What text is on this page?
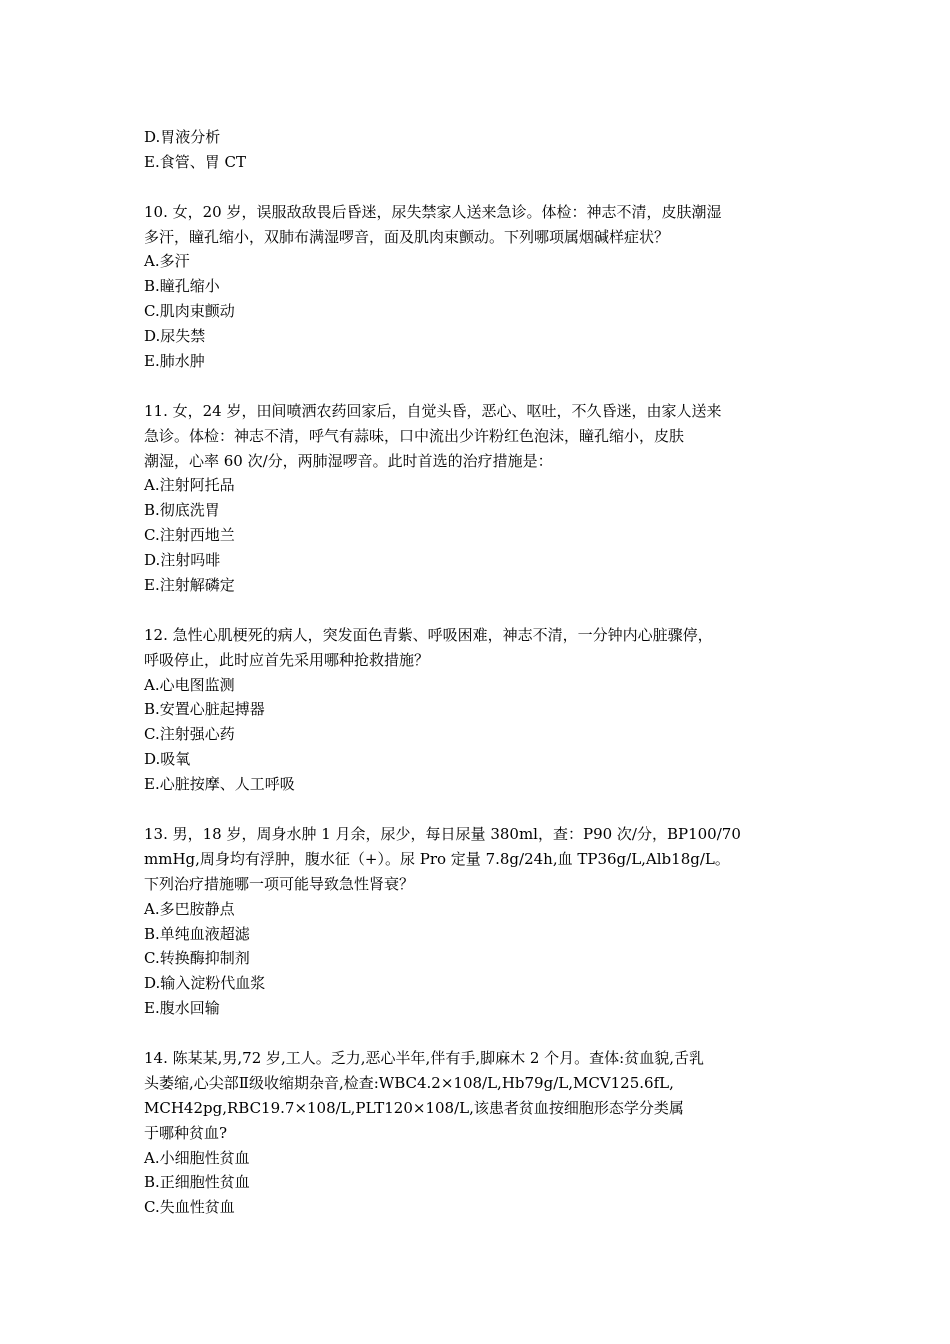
D.胃液分析
E.食管、胃 CT
10. 女，20 岁，误服敌敌畏后昏迷，尿失禁家人送来急诊。体检：神志不清，皮肤潮湿
多汗，瞳孔缩小，双肺布满湿啰音，面及肌肉束颤动。下列哪项属烟碱样症状？
A.多汗
B.瞳孔缩小
C.肌肉束颤动
D.尿失禁
E.肺水肿
11. 女，24 岁，田间喷洒农药回家后，自觉头昏，恶心、呕吐，不久昏迷，由家人送来
急诊。体检：神志不清，呼气有蒜味，口中流出少许粉红色泡沫，瞳孔缩小，皮肤
潮湿，心率 60 次/分，两肺湿啰音。此时首选的治疗措施是：
A.注射阿托品
B.彻底洗胃
C.注射西地兰
D.注射吗啡
E.注射解磷定
12. 急性心肌梗死的病人，突发面色青紫、呼吸困难，神志不清，一分钟内心脏骤停，
呼吸停止，此时应首先采用哪种抢救措施？
A.心电图监测
B.安置心脏起搏器
C.注射强心药
D.吸氧
E.心脏按摩、人工呼吸
13. 男，18 岁，周身水肿 1 月余，尿少，每日尿量 380ml，查：P90 次/分，BP100/70
mmHg,周身均有浮肿，腹水征（+）。尿 Pro 定量 7.8g/24h,血 TP36g/L,Alb18g/L。
下列治疗措施哪一项可能导致急性肾衰？
A.多巴胺静点
B.单纯血液超滤
C.转换酶抑制剂
D.输入淀粉代血浆
E.腹水回输
14. 陈某某,男,72 岁,工人。乏力,恶心半年,伴有手,脚麻木 2 个月。查体:贫血貌,舌乳
头萎缩,心尖部Ⅱ级收缩期杂音,检查:WBC4.2×108/L,Hb79g/L,MCV125.6fL,
MCH42pg,RBC19.7×108/L,PLT120×108/L,该患者贫血按细胞形态学分类属
于哪种贫血?
A.小细胞性贫血
B.正细胞性贫血
C.失血性贫血
